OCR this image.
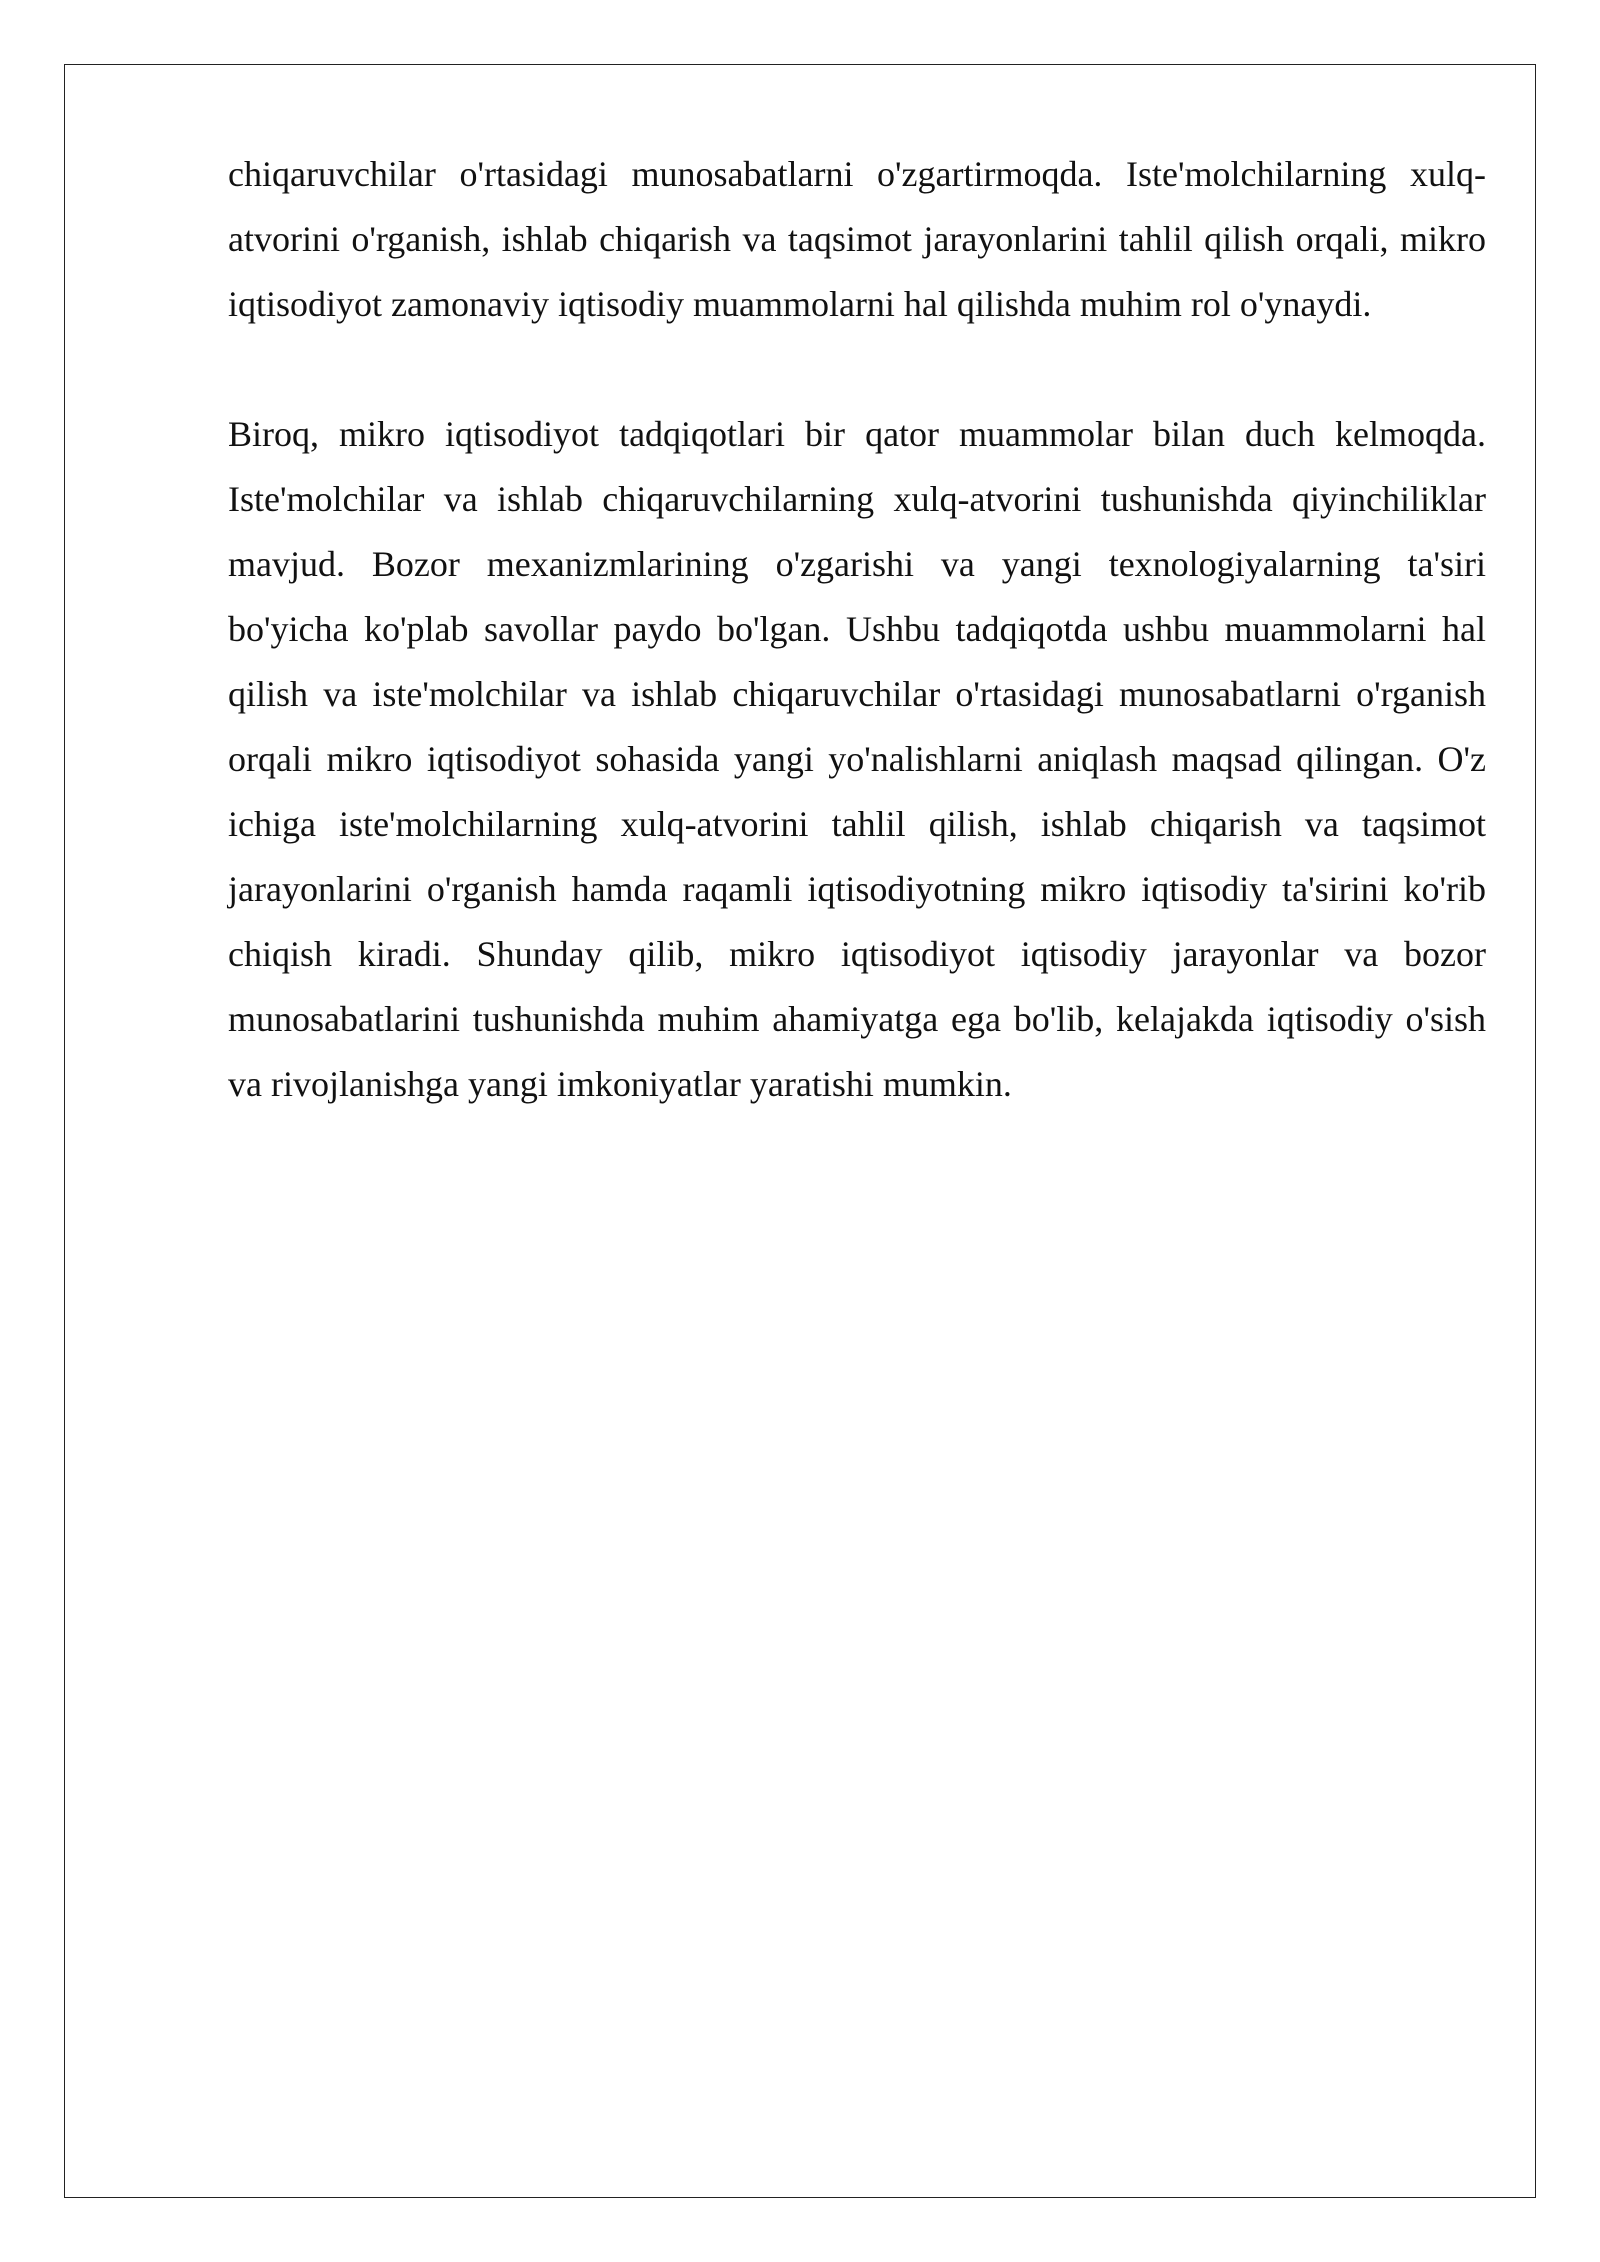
chiqaruvchilar o'rtasidagi munosabatlarni o'zgartirmoqda. Iste'molchilarning xulq-atvorini o'rganish, ishlab chiqarish va taqsimot jarayonlarini tahlil qilish orqali, mikro iqtisodiyot zamonaviy iqtisodiy muammolarni hal qilishda muhim rol o'ynaydi.

Biroq, mikro iqtisodiyot tadqiqotlari bir qator muammolar bilan duch kelmoqda. Iste'molchilar va ishlab chiqaruvchilarning xulq-atvorini tushunishda qiyinchiliklar mavjud. Bozor mexanizmlarining o'zgarishi va yangi texnologiyalarning ta'siri bo'yicha ko'plab savollar paydo bo'lgan. Ushbu tadqiqotda ushbu muammolarni hal qilish va iste'molchilar va ishlab chiqaruvchilar o'rtasidagi munosabatlarni o'rganish orqali mikro iqtisodiyot sohasida yangi yo'nalishlarni aniqlash maqsad qilingan. O'z ichiga iste'molchilarning xulq-atvorini tahlil qilish, ishlab chiqarish va taqsimot jarayonlarini o'rganish hamda raqamli iqtisodiyotning mikro iqtisodiy ta'sirini ko'rib chiqish kiradi. Shunday qilib, mikro iqtisodiyot iqtisodiy jarayonlar va bozor munosabatlarini tushunishda muhim ahamiyatga ega bo'lib, kelajakda iqtisodiy o'sish va rivojlanishga yangi imkoniyatlar yaratishi mumkin.
